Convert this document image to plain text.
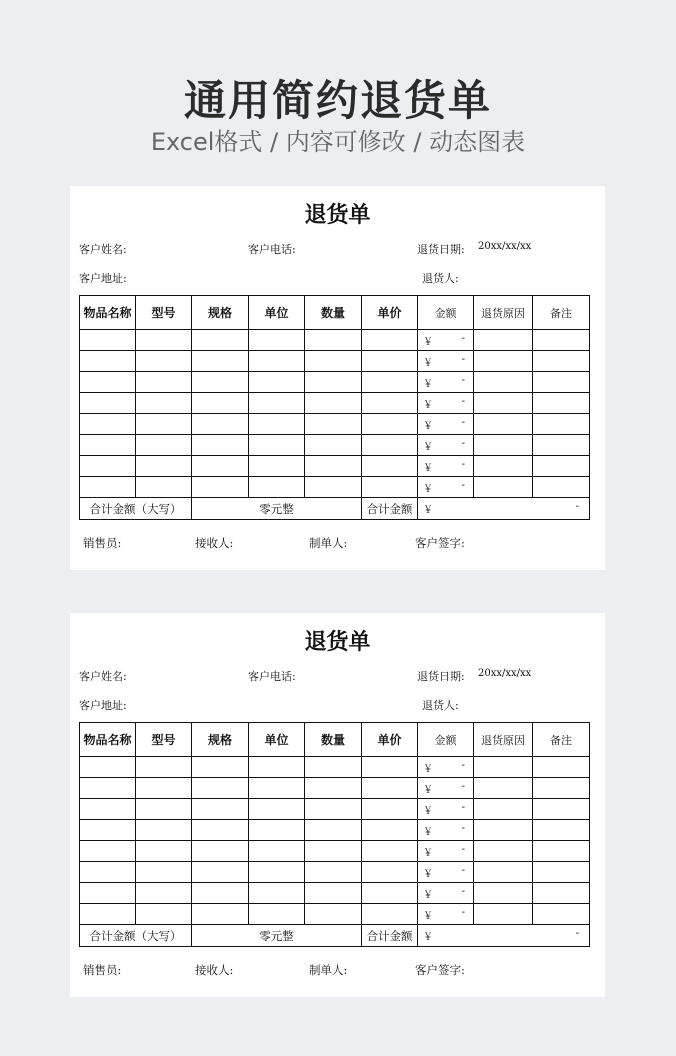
通用简约退货单
Excel格式 / 内容可修改 / 动态图表
退货单
客户姓名:	客户电话:	退货日期: 20xx/xx/xx
客户地址:	退货人:
物品名称	型号	规格	单位	数量	单价	金额	退货原因	备注

						￥ -		

						￥ -		

						￥ -		

						￥ -		

						￥ -		

						￥ -		

						￥ -		

						￥ -		

合计金额（大写）		零元整			合计金额	￥ -		
销售员:	接收人:	制单人:	客户签字:
退货单
客户姓名:	客户电话:	退货日期: 20xx/xx/xx
客户地址:	退货人:
物品名称	型号	规格	单位	数量	单价	金额	退货原因	备注

						￥ -		

						￥ -		

						￥ -		

						￥ -		

						￥ -		

						￥ -		

						￥ -		

						￥ -		

合计金额（大写）		零元整			合计金额	￥ -		
销售员:	接收人:	制单人:	客户签字:
